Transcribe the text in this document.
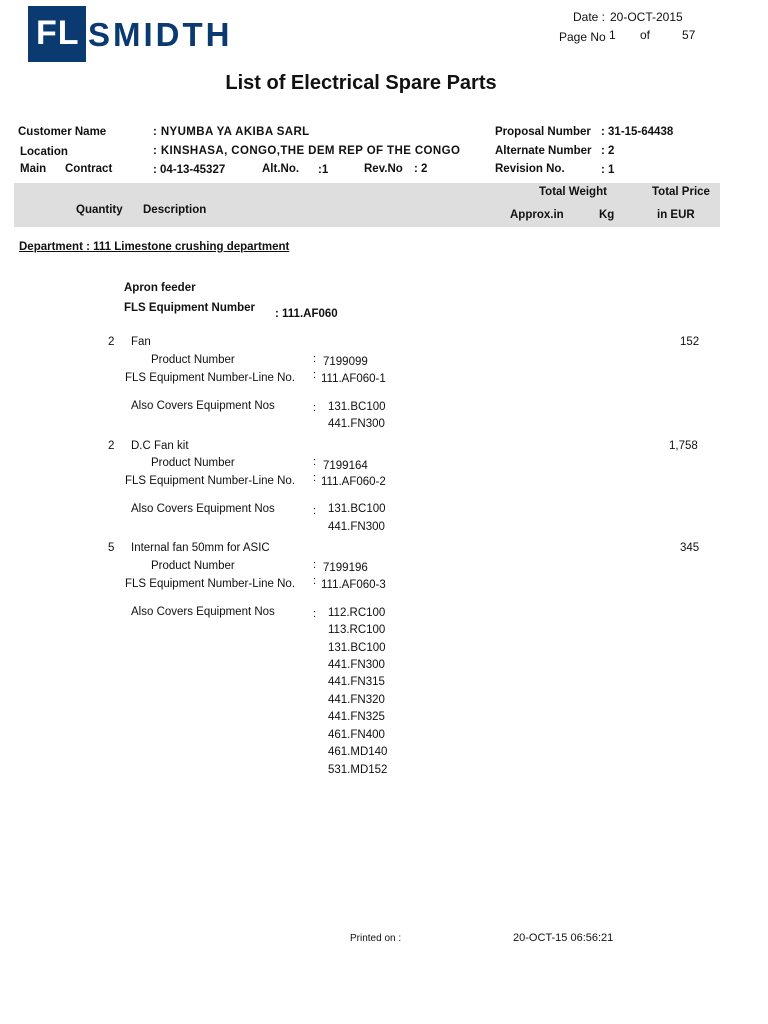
FL SMIDTH	Date : 20-OCT-2015
Page No 1 of	57
List of Electrical Spare Parts
Customer Name	: NYUMBA YA AKIBA SARL
Location	: KINSHASA, CONGO,THE DEM REP OF THE CONGO
Main Contract	: 04-13-45327	Alt.No. :1	Rev.No : 2
Proposal Number : 31-15-64438
Alternate Number : 2
Revision No.	: 1
Total Weight	Total Price
Quantity Description	Approx.in	Kg	in EUR
Department : 111 Limestone crushing department
Apron feeder
FLS Equipment Number : 111.AF060
2 Fan	152
Product Number	: 7199099
FLS Equipment Number-Line No. : 111.AF060-1
Also Covers Equipment Nos	: 131.BC100
441.FN300
2 D.C Fan kit	1,758
Product Number	: 7199164
FLS Equipment Number-Line No. : 111.AF060-2
Also Covers Equipment Nos	: 131.BC100
441.FN300
5 Internal fan 50mm for ASIC	345
Product Number	: 7199196
FLS Equipment Number-Line No. : 111.AF060-3
Also Covers Equipment Nos	: 112.RC100
113.RC100
131.BC100
441.FN300
441.FN315
441.FN320
441.FN325
461.FN400
461.MD140
531.MD152
Printed on :	20-OCT-15 06:56:21
